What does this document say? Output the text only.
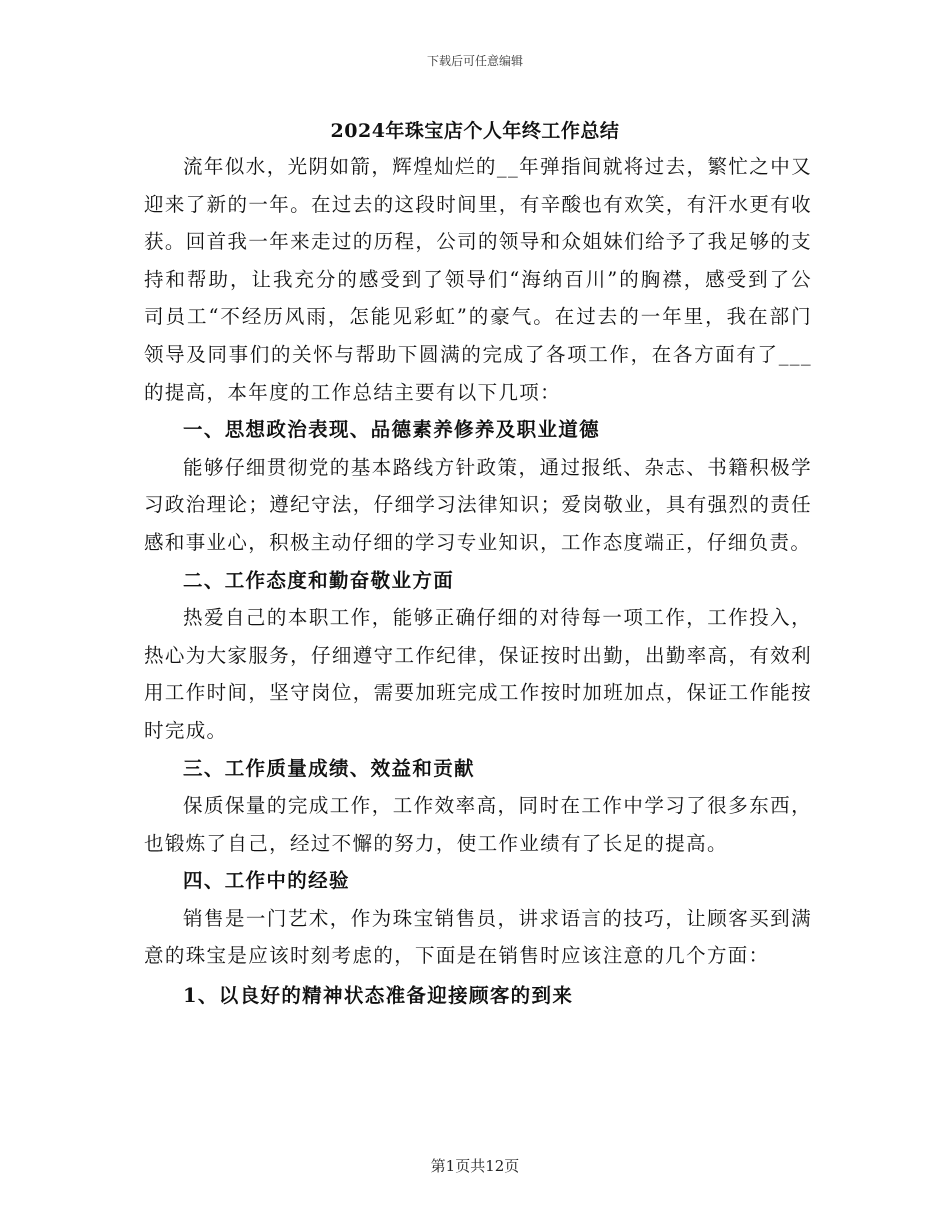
下载后可任意编辑
2024年珠宝店个人年终工作总结

流年似水，光阴如箭，辉煌灿烂的__年弹指间就将过去，繁忙之中又迎来了新的一年。在过去的这段时间里，有辛酸也有欢笑，有汗水更有收获。回首我一年来走过的历程，公司的领导和众姐妹们给予了我足够的支持和帮助，让我充分的感受到了领导们“海纳百川”的胸襟，感受到了公司员工“不经历风雨，怎能见彩虹”的豪气。在过去的一年里，我在部门领导及同事们的关怀与帮助下圆满的完成了各项工作，在各方面有了___的提高，本年度的工作总结主要有以下几项：

一、思想政治表现、品德素养修养及职业道德

能够仔细贯彻党的基本路线方针政策，通过报纸、杂志、书籍积极学习政治理论；遵纪守法，仔细学习法律知识；爱岗敬业，具有强烈的责任感和事业心，积极主动仔细的学习专业知识，工作态度端正，仔细负责。

二、工作态度和勤奋敬业方面

热爱自己的本职工作，能够正确仔细的对待每一项工作，工作投入，热心为大家服务，仔细遵守工作纪律，保证按时出勤，出勤率高，有效利用工作时间，坚守岗位，需要加班完成工作按时加班加点，保证工作能按时完成。

三、工作质量成绩、效益和贡献

保质保量的完成工作，工作效率高，同时在工作中学习了很多东西，也锻炼了自己，经过不懈的努力，使工作业绩有了长足的提高。

四、工作中的经验

销售是一门艺术，作为珠宝销售员，讲求语言的技巧，让顾客买到满意的珠宝是应该时刻考虑的，下面是在销售时应该注意的几个方面：

1、以良好的精神状态准备迎接顾客的到来

第1页共12页
